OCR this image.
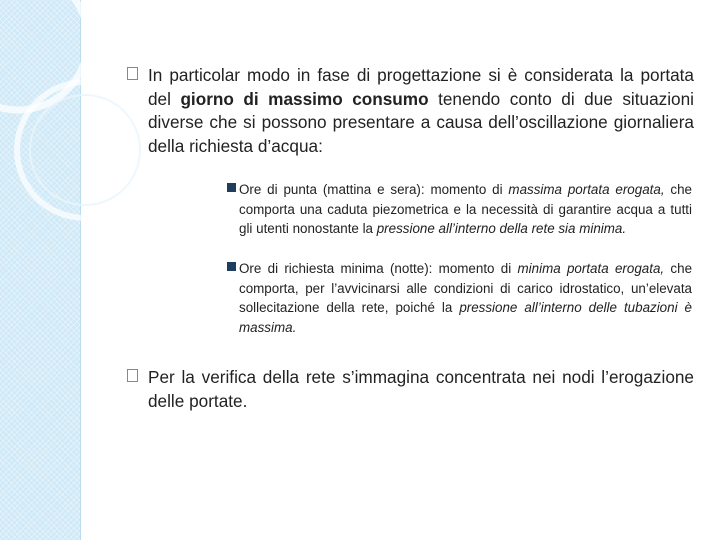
In particolar modo in fase di progettazione si è considerata la portata del giorno di massimo consumo tenendo conto di due situazioni diverse che si possono presentare a causa dell’oscillazione giornaliera della richiesta d’acqua:
Ore di punta (mattina e sera): momento di massima portata erogata, che comporta una caduta piezometrica e la necessità di garantire acqua a tutti gli utenti nonostante la pressione all’interno della rete sia minima.
Ore di richiesta minima (notte): momento di minima portata erogata, che comporta, per l’avvicinarsi alle condizioni di carico idrostatico, un’elevata sollecitazione della rete, poiché la pressione all’interno delle tubazioni è massima.
Per la verifica della rete s’immagina concentrata nei nodi l’erogazione delle portate.
